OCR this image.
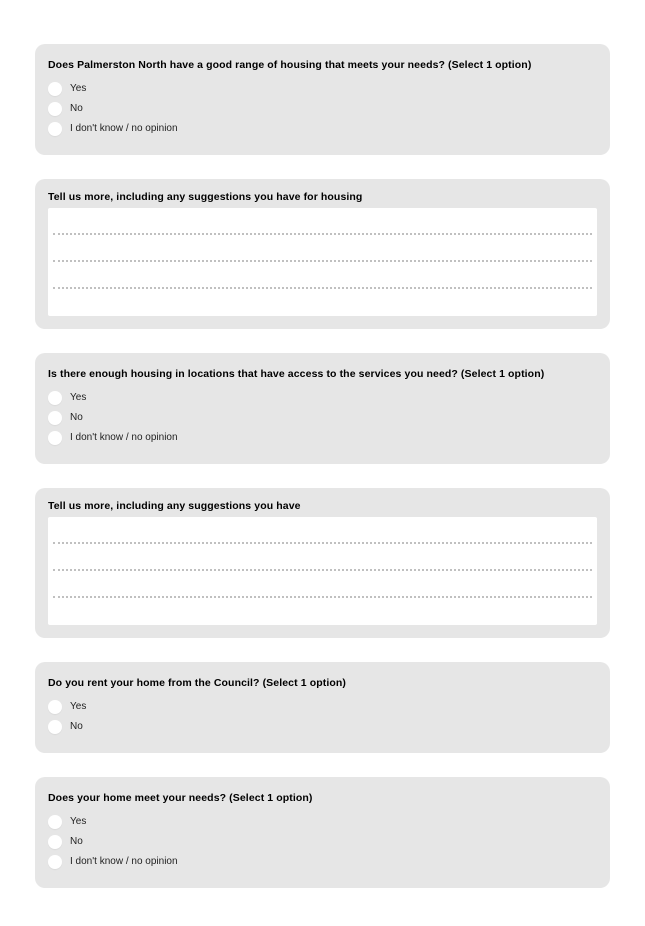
Does Palmerston North have a good range of housing that meets your needs? (Select 1 option)
Yes
No
I don't know / no opinion
Tell us more, including any suggestions you have for housing
Is there enough housing in locations that have access to the services you need? (Select 1 option)
Yes
No
I don't know / no opinion
Tell us more, including any suggestions you have
Do you rent your home from the Council? (Select 1 option)
Yes
No
Does your home meet your needs? (Select 1 option)
Yes
No
I don't know / no opinion
